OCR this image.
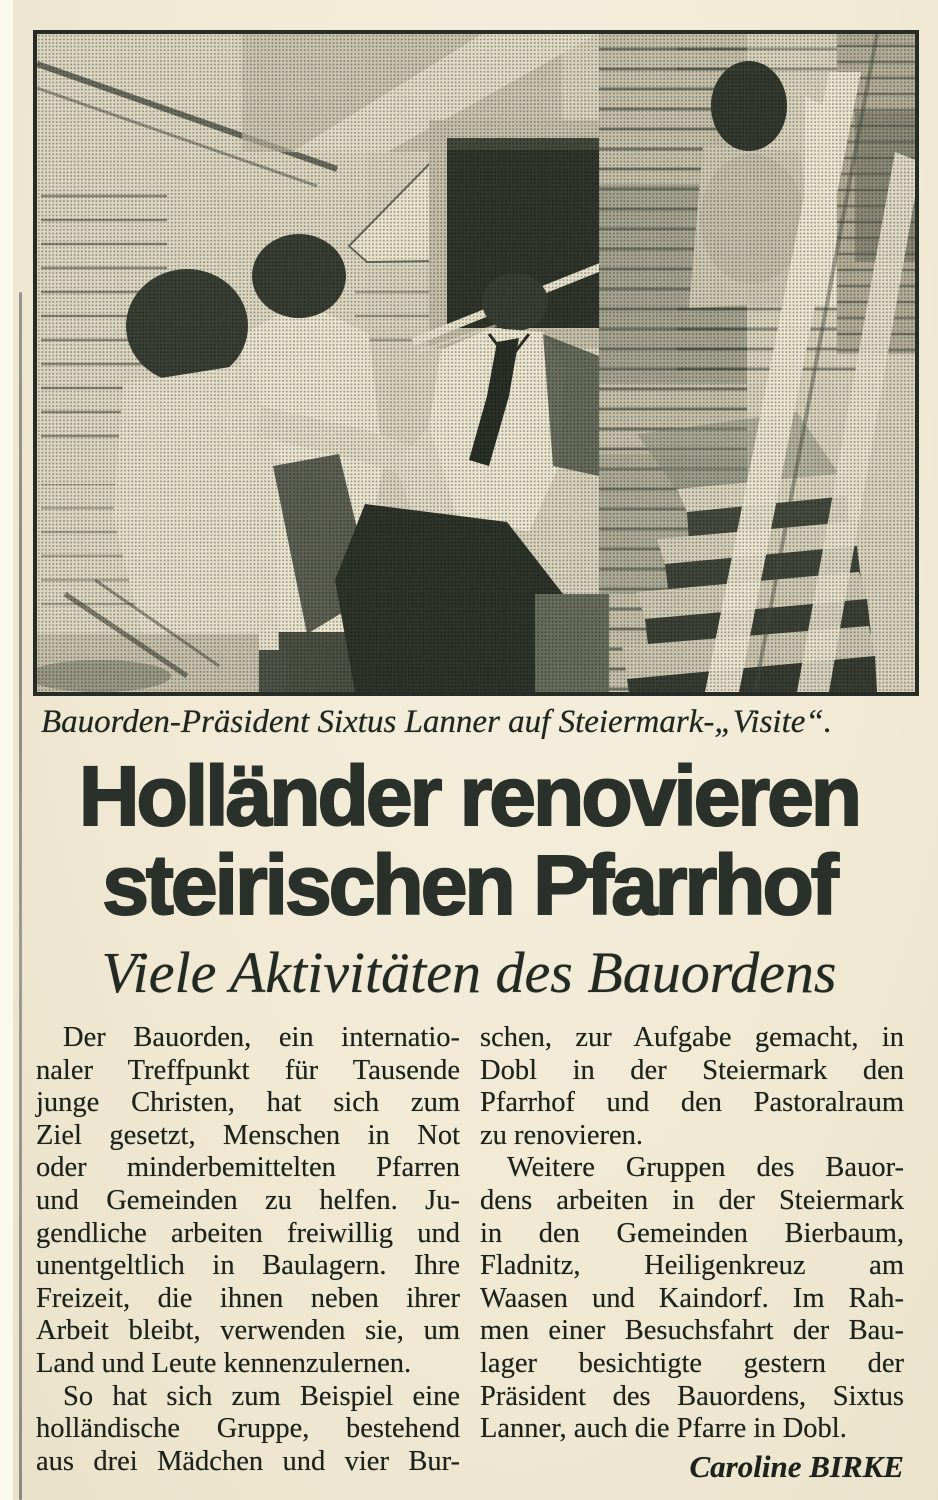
Bauorden-Präsident Sixtus Lanner auf Steiermark-„Visite“.
Holländer renovieren
steirischen Pfarrhof
Viele Aktivitäten des Bauordens
Der Bauorden, ein internatio-
naler Treffpunkt für Tausende
junge Christen, hat sich zum
Ziel gesetzt, Menschen in Not
oder minderbemittelten Pfarren
und Gemeinden zu helfen. Ju-
gendliche arbeiten freiwillig und
unentgeltlich in Baulagern. Ihre
Freizeit, die ihnen neben ihrer
Arbeit bleibt, verwenden sie, um
Land und Leute kennenzulernen.
So hat sich zum Beispiel eine
holländische Gruppe, bestehend
aus drei Mädchen und vier Bur-
schen, zur Aufgabe gemacht, in
Dobl in der Steiermark den
Pfarrhof und den Pastoralraum
zu renovieren.
Weitere Gruppen des Bauor-
dens arbeiten in der Steiermark
in den Gemeinden Bierbaum,
Fladnitz, Heiligenkreuz am
Waasen und Kaindorf. Im Rah-
men einer Besuchsfahrt der Bau-
lager besichtigte gestern der
Präsident des Bauordens, Sixtus
Lanner, auch die Pfarre in Dobl.
Caroline BIRKE
